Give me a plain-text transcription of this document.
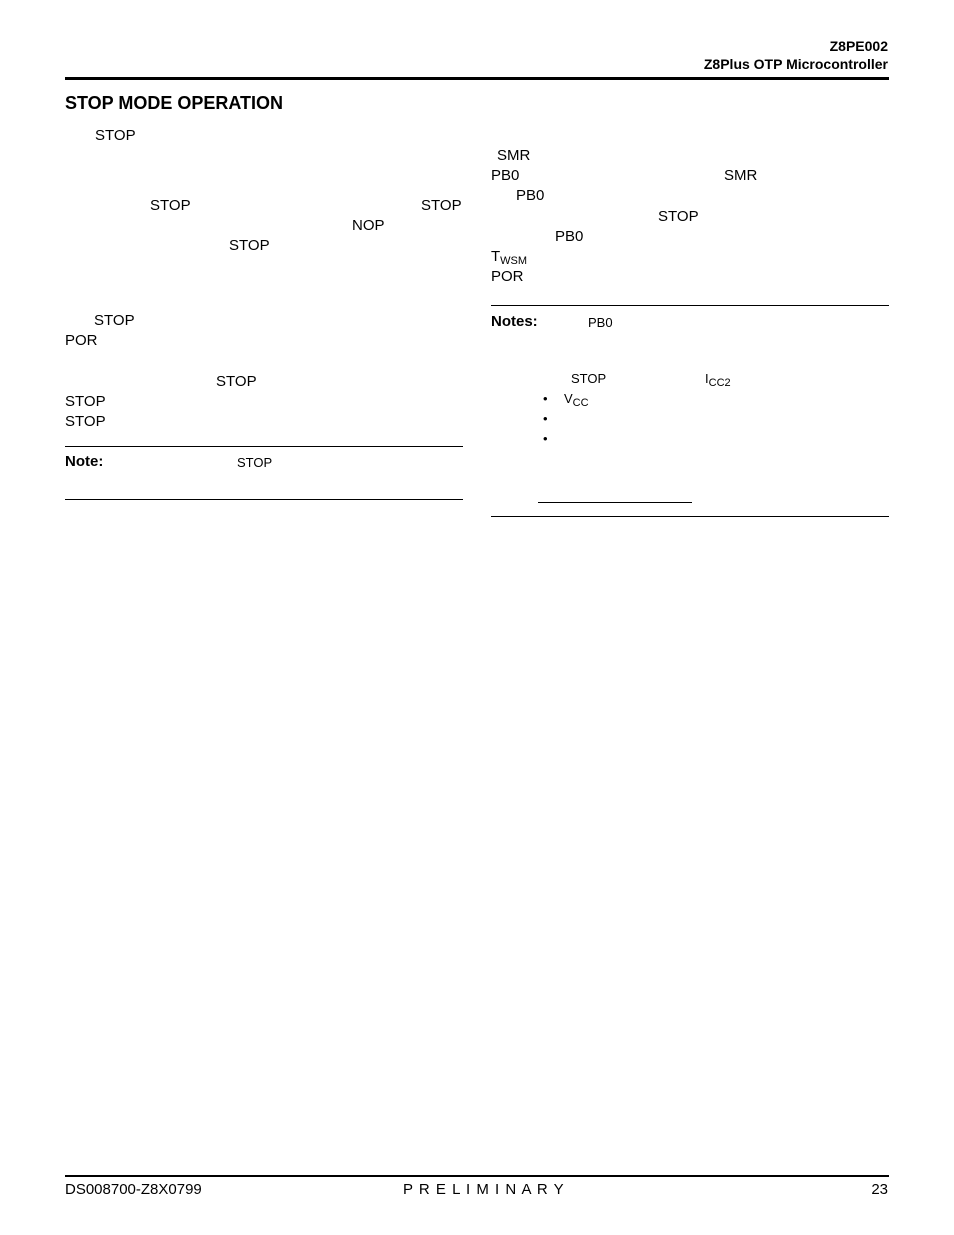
Z8PE002
Z8Plus OTP Microcontroller
STOP MODE OPERATION
STOP
STOP	STOP
NOP
STOP
STOP
POR
STOP
STOP
STOP
Note:	STOP
SMR
PB0	SMR
PB0
STOP
PB0
$T_{WSM}$
POR
Notes:	PB0
STOP	$I_{CC2}$
• $V_{CC}$
•
•
DS008700-Z8X0799	P R E L I M I N A R Y	23
